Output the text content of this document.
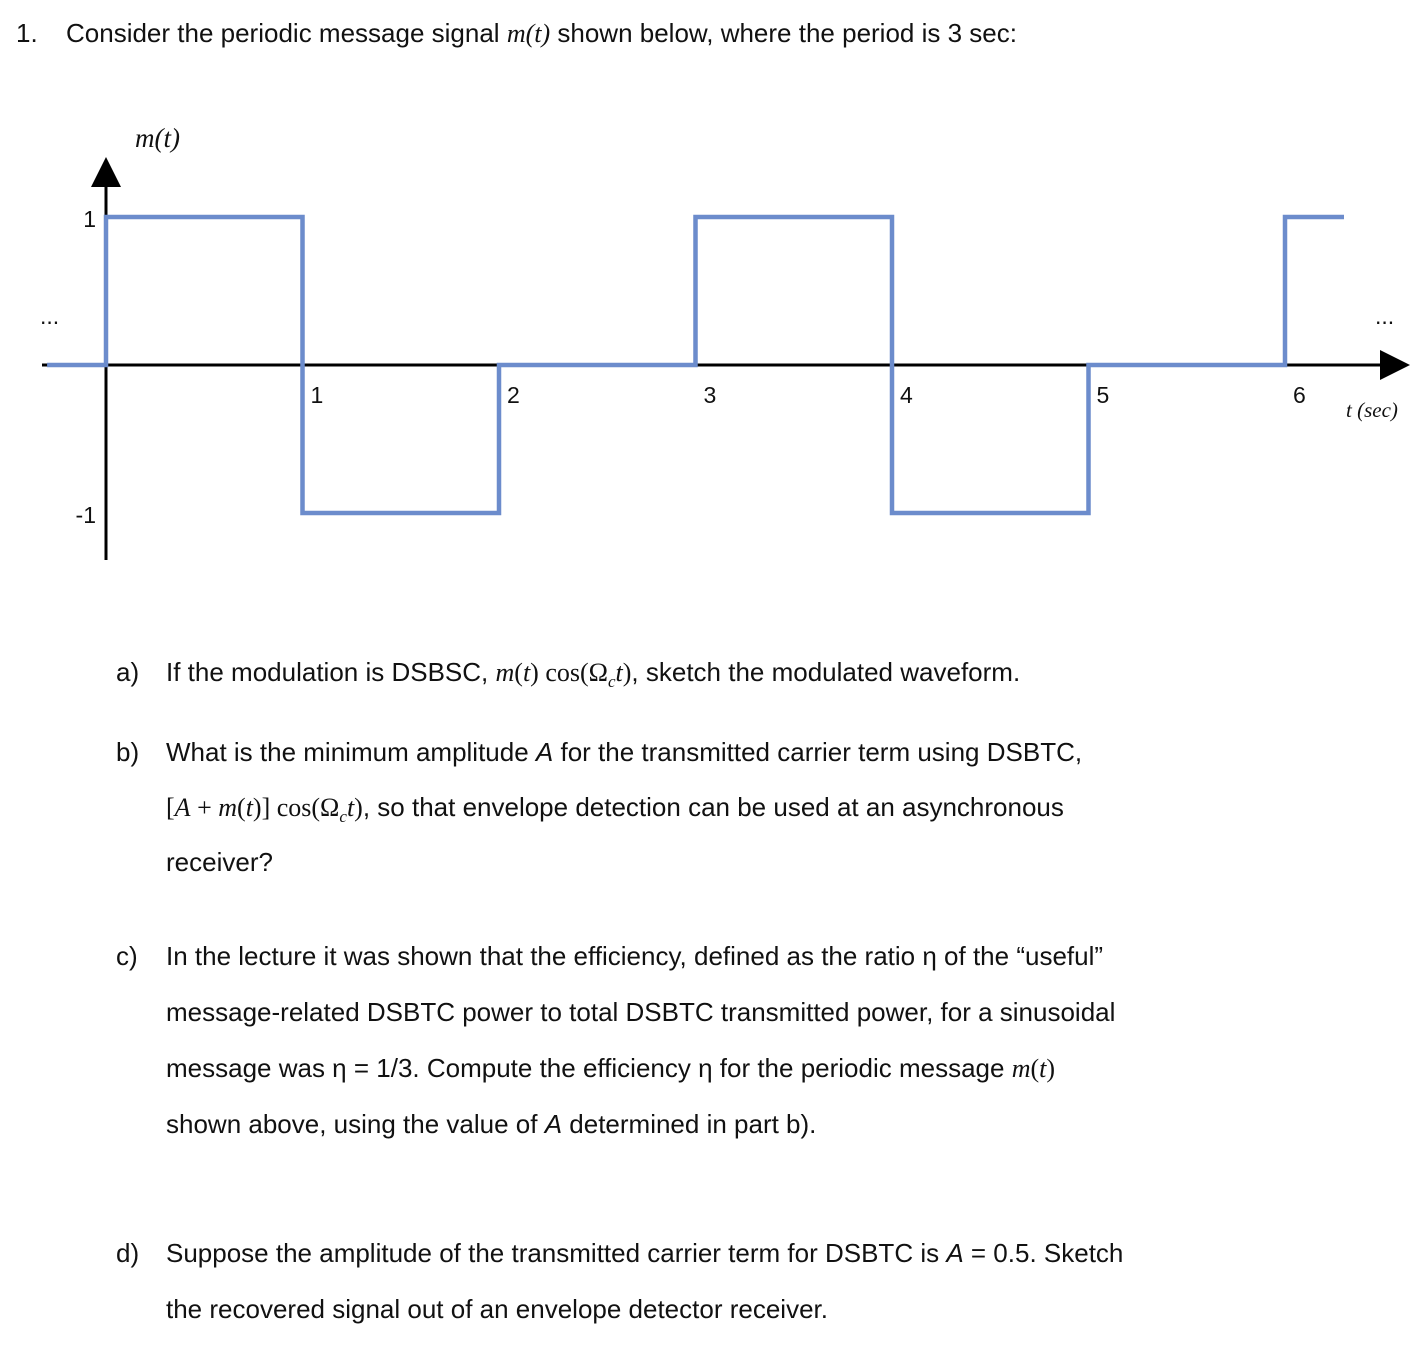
1. Consider the periodic message signal m(t) shown below, where the period is 3 sec:
1	2	3	4	5	6
1
-1
m(t)
t (sec)
...	...
a) If the modulation is DSBSC, m(t) $\cos(\Omega_ct)$, sketch the modulated waveform.
b) What is the minimum amplitude A for the transmitted carrier term using DSBTC,
[A + m(t)] $\cos(\Omega_ct)$, so that envelope detection can be used at an asynchronous
receiver?
c) In the lecture it was shown that the efficiency, defined as the ratio η of the “useful”
message-related DSBTC power to total DSBTC transmitted power, for a sinusoidal
message was η = 1/3. Compute the efficiency η for the periodic message m(t)
shown above, using the value of A determined in part b).
d) Suppose the amplitude of the transmitted carrier term for DSBTC is A = 0.5. Sketch
the recovered signal out of an envelope detector receiver.
